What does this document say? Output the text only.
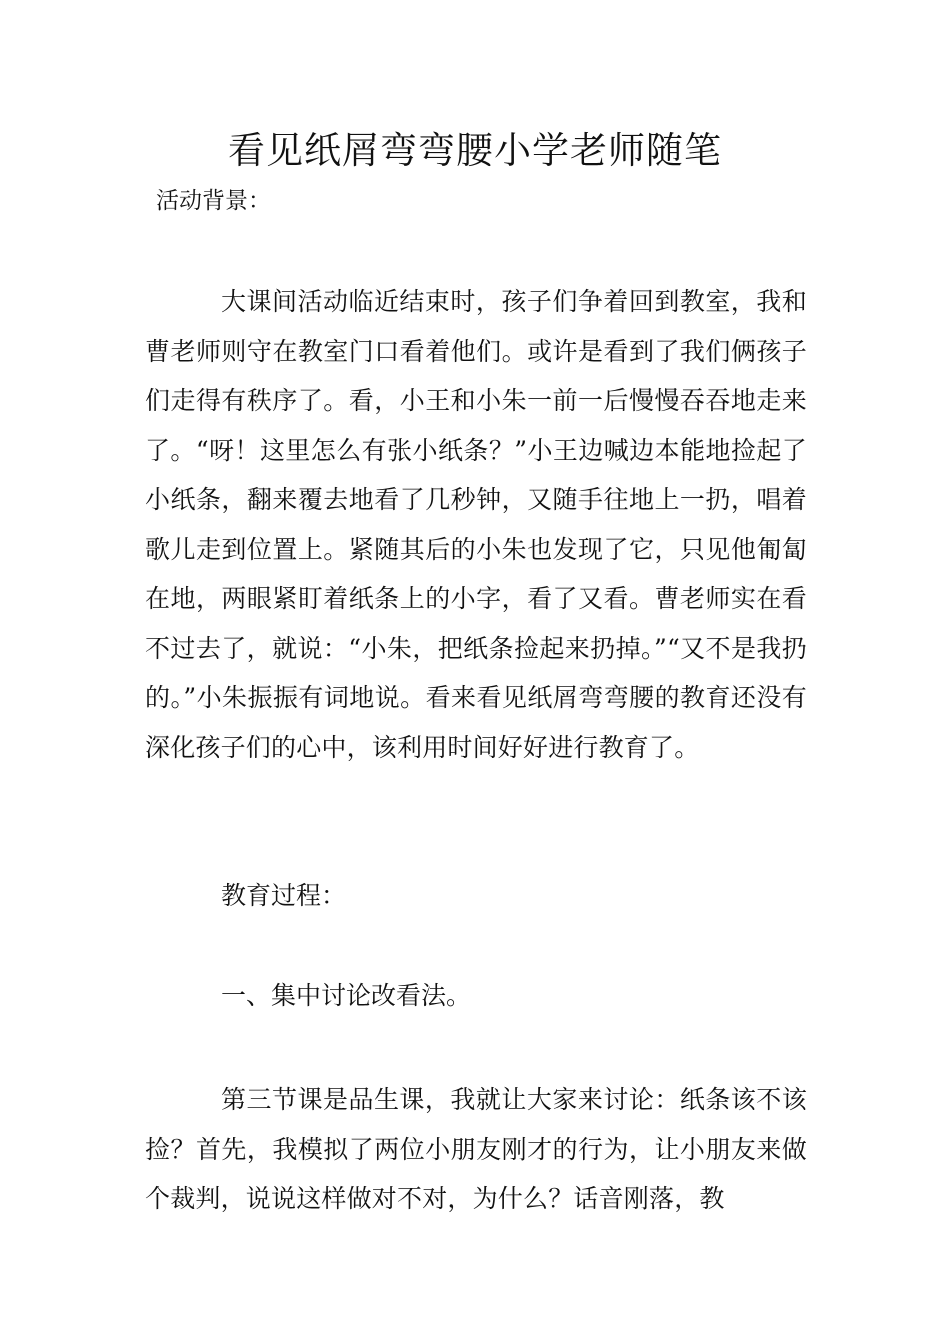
看见纸屑弯弯腰小学老师随笔

活动背景：

大课间活动临近结束时，孩子们争着回到教室，我和曹老师则守在教室门口看着他们。或许是看到了我们俩孩子们走得有秩序了。看，小王和小朱一前一后慢慢吞吞地走来了。“呀！这里怎么有张小纸条？”小王边喊边本能地捡起了小纸条，翻来覆去地看了几秒钟，又随手往地上一扔，唱着歌儿走到位置上。紧随其后的小朱也发现了它，只见他匍匐在地，两眼紧盯着纸条上的小字，看了又看。曹老师实在看不过去了，就说：“小朱，把纸条捡起来扔掉。”“又不是我扔的。”小朱振振有词地说。看来看见纸屑弯弯腰的教育还没有深化孩子们的心中，该利用时间好好进行教育了。

教育过程：

一、集中讨论改看法。

第三节课是品生课，我就让大家来讨论：纸条该不该捡？首先，我模拟了两位小朋友刚才的行为，让小朋友来做个裁判，说说这样做对不对，为什么？话音刚落，教
